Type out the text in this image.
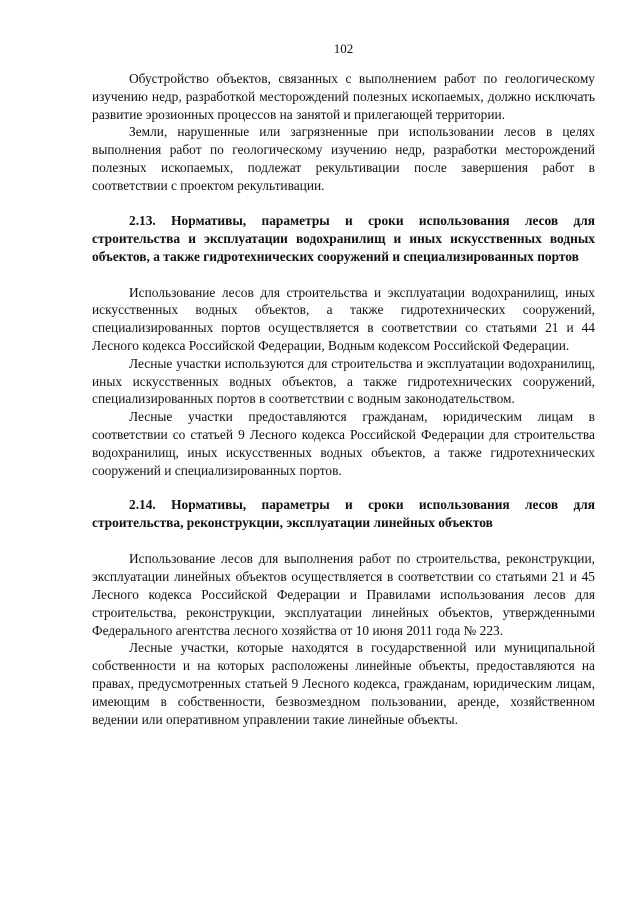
102

Обустройство объектов, связанных с выполнением работ по геологическому изучению недр, разработкой месторождений полезных ископаемых, должно исключать развитие эрозионных процессов на занятой и прилегающей территории.

Земли, нарушенные или загрязненные при использовании лесов в целях выполнения работ по геологическому изучению недр, разработки месторождений полезных ископаемых, подлежат рекультивации после завершения работ в соответствии с проектом рекультивации.

2.13. Нормативы, параметры и сроки использования лесов для строительства и эксплуатации водохранилищ и иных искусственных водных объектов, а также гидротехнических сооружений и специализированных портов

Использование лесов для строительства и эксплуатации водохранилищ, иных искусственных водных объектов, а также гидротехнических сооружений, специализированных портов осуществляется в соответствии со статьями 21 и 44 Лесного кодекса Российской Федерации, Водным кодексом Российской Федерации.

Лесные участки используются для строительства и эксплуатации водохранилищ, иных искусственных водных объектов, а также гидротехнических сооружений, специализированных портов в соответствии с водным законодательством.

Лесные участки предоставляются гражданам, юридическим лицам в соответствии со статьей 9 Лесного кодекса Российской Федерации для строительства водохранилищ, иных искусственных водных объектов, а также гидротехнических сооружений и специализированных портов.

2.14. Нормативы, параметры и сроки использования лесов для строительства, реконструкции, эксплуатации линейных объектов

Использование лесов для выполнения работ по строительства, реконструкции, эксплуатации линейных объектов осуществляется в соответствии со статьями 21 и 45 Лесного кодекса Российской Федерации и Правилами использования лесов для строительства, реконструкции, эксплуатации линейных объектов, утвержденными Федерального агентства лесного хозяйства от 10 июня 2011 года № 223.

Лесные участки, которые находятся в государственной или муниципальной собственности и на которых расположены линейные объекты, предоставляются на правах, предусмотренных статьей 9 Лесного кодекса, гражданам, юридическим лицам, имеющим в собственности, безвозмездном пользовании, аренде, хозяйственном ведении или оперативном управлении такие линейные объекты.
